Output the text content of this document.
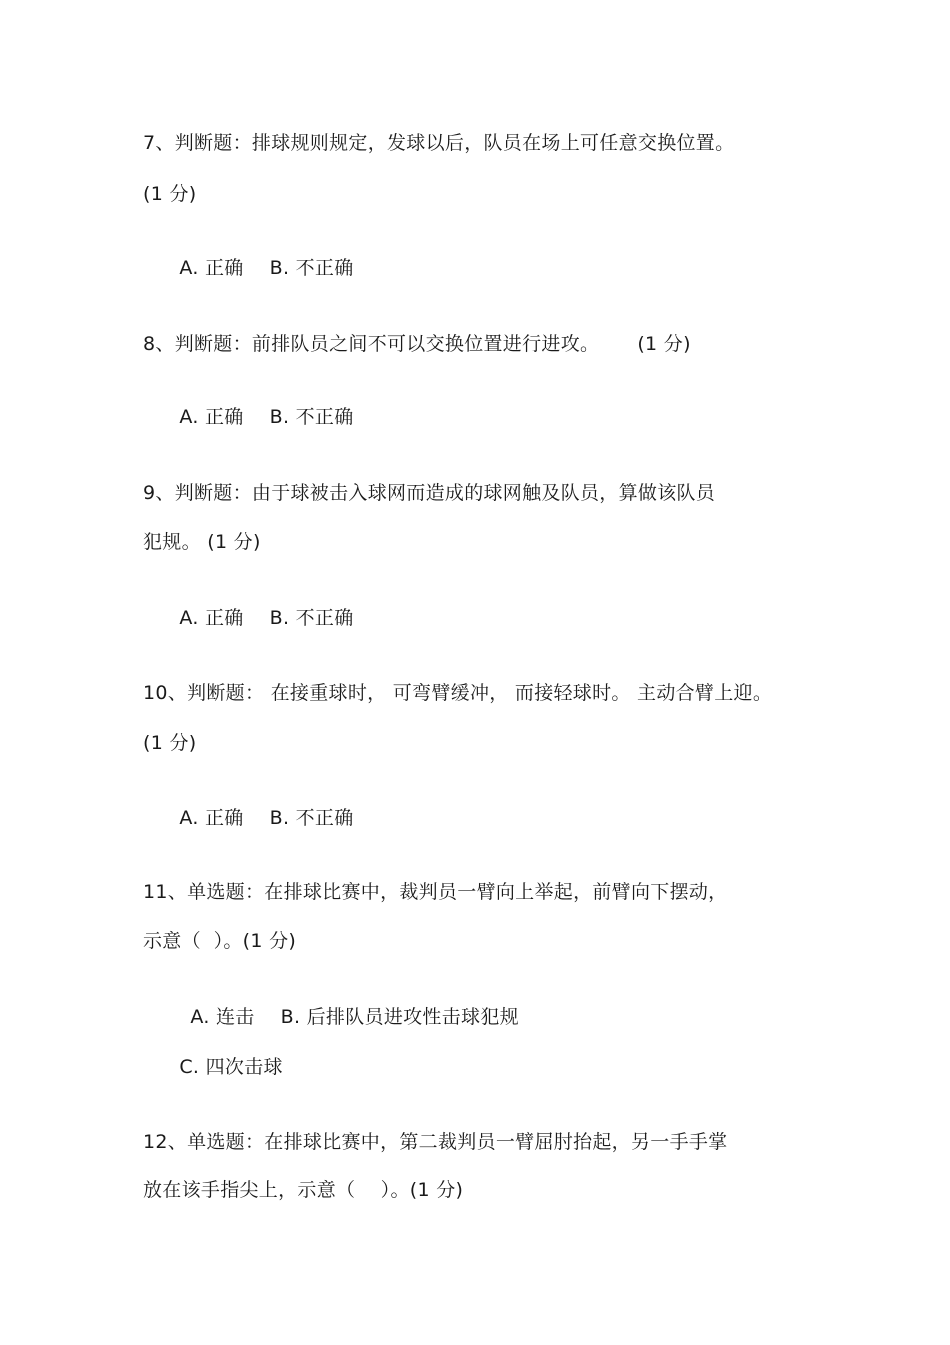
7、判断题：排球规则规定，发球以后，队员在场上可任意交换位置。
(1 分)

A. 正确 B. 不正确

8、判断题：前排队员之间不可以交换位置进行进攻。      (1 分)

A. 正确 B. 不正确

9、判断题：由于球被击入球网而造成的球网触及队员，算做该队员
犯规。 (1 分)

A. 正确 B. 不正确

10、判断题： 在接重球时， 可弯臂缓冲， 而接轻球时。 主动合臂上迎。
(1 分)

A. 正确 B. 不正确

11、单选题：在排球比赛中，裁判员一臂向上举起，前臂向下摆动，
示意（  ）。(1 分)

A. 连击 B. 后排队员进攻性击球犯规

C. 四次击球

12、单选题：在排球比赛中，第二裁判员一臂屈肘抬起，另一手手掌
放在该手指尖上，示意（    ）。(1 分)
